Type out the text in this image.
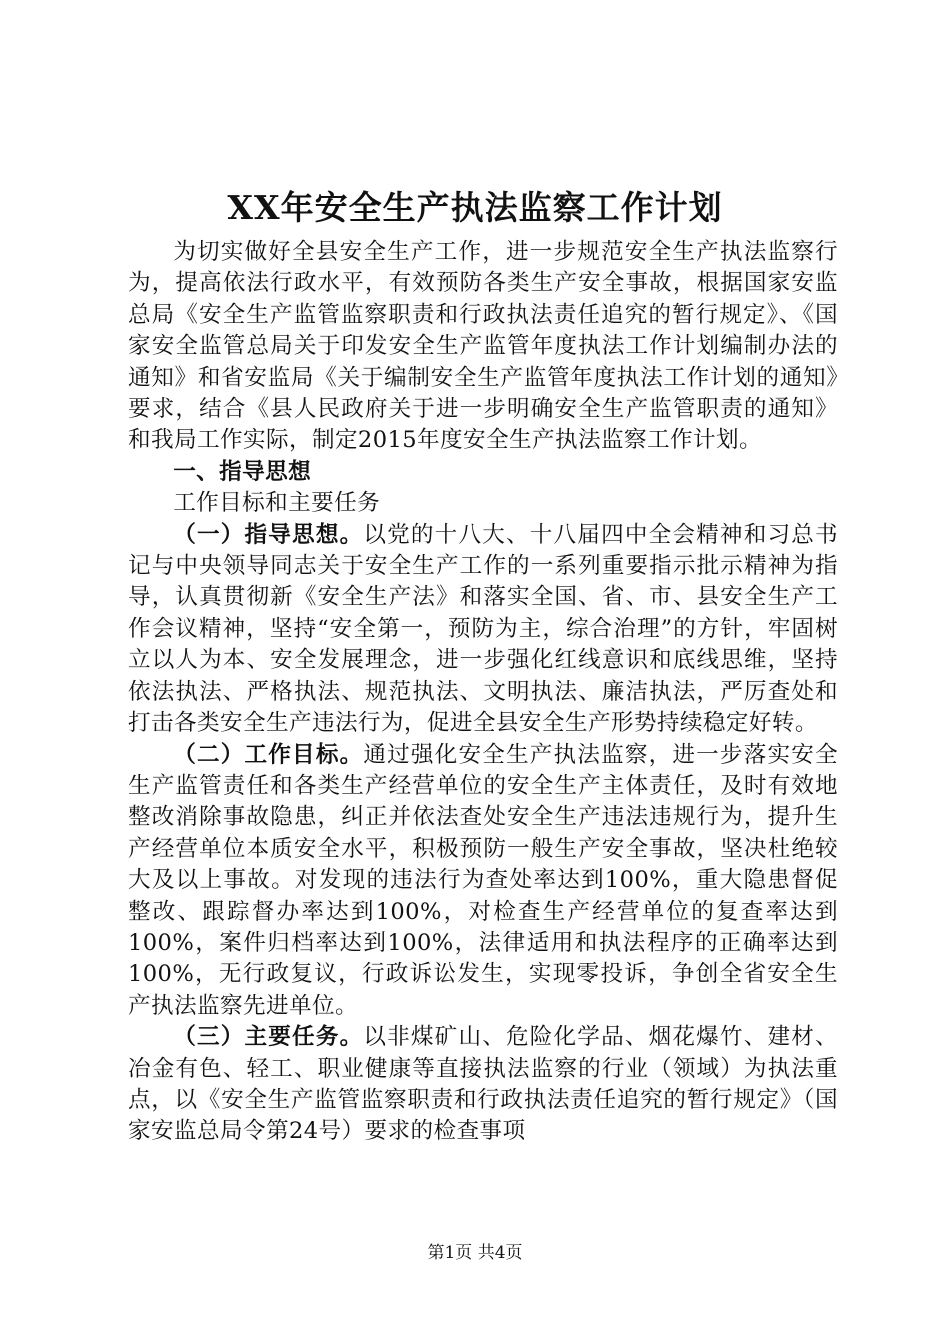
XX年安全生产执法监察工作计划

为切实做好全县安全生产工作，进一步规范安全生产执法监察行为，提高依法行政水平，有效预防各类生产安全事故，根据国家安监总局《安全生产监管监察职责和行政执法责任追究的暂行规定》、《国家安全监管总局关于印发安全生产监管年度执法工作计划编制办法的通知》和省安监局《关于编制安全生产监管年度执法工作计划的通知》要求，结合《县人民政府关于进一步明确安全生产监管职责的通知》和我局工作实际，制定2015年度安全生产执法监察工作计划。

一、指导思想

工作目标和主要任务

（一）指导思想。以党的十八大、十八届四中全会精神和习总书记与中央领导同志关于安全生产工作的一系列重要指示批示精神为指导，认真贯彻新《安全生产法》和落实全国、省、市、县安全生产工作会议精神，坚持“安全第一，预防为主，综合治理”的方针，牢固树立以人为本、安全发展理念，进一步强化红线意识和底线思维，坚持依法执法、严格执法、规范执法、文明执法、廉洁执法，严厉查处和打击各类安全生产违法行为，促进全县安全生产形势持续稳定好转。

（二）工作目标。通过强化安全生产执法监察，进一步落实安全生产监管责任和各类生产经营单位的安全生产主体责任，及时有效地整改消除事故隐患，纠正并依法查处安全生产违法违规行为，提升生产经营单位本质安全水平，积极预防一般生产安全事故，坚决杜绝较大及以上事故。对发现的违法行为查处率达到100%，重大隐患督促整改、跟踪督办率达到100%，对检查生产经营单位的复查率达到100%，案件归档率达到100%，法律适用和执法程序的正确率达到100%，无行政复议，行政诉讼发生，实现零投诉，争创全省安全生产执法监察先进单位。

（三）主要任务。以非煤矿山、危险化学品、烟花爆竹、建材、冶金有色、轻工、职业健康等直接执法监察的行业（领域）为执法重点，以《安全生产监管监察职责和行政执法责任追究的暂行规定》（国家安监总局令第24号）要求的检查事项

第1页 共4页
